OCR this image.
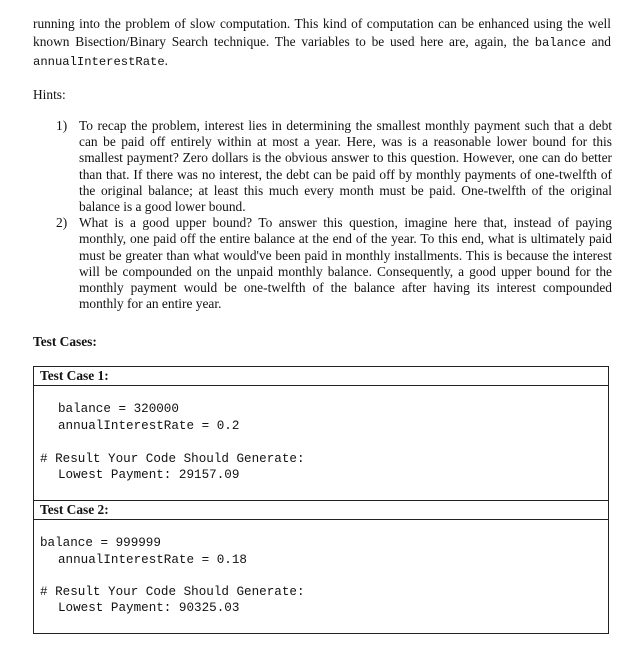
running into the problem of slow computation. This kind of computation can be enhanced using the well known Bisection/Binary Search technique. The variables to be used here are, again, the balance and annualInterestRate.

Hints:

1) To recap the problem, interest lies in determining the smallest monthly payment such that a debt can be paid off entirely within at most a year. Here, was is a reasonable lower bound for this smallest payment? Zero dollars is the obvious answer to this question. However, one can do better than that. If there was no interest, the debt can be paid off by monthly payments of one-twelfth of the original balance; at least this much every month must be paid. One-twelfth of the original balance is a good lower bound.
2) What is a good upper bound? To answer this question, imagine here that, instead of paying monthly, one paid off the entire balance at the end of the year. To this end, what is ultimately paid must be greater than what would've been paid in monthly installments. This is because the interest will be compounded on the unpaid monthly balance. Consequently, a good upper bound for the monthly payment would be one-twelfth of the balance after having its interest compounded monthly for an entire year.

Test Cases:

Test Case 1:
balance = 320000
annualInterestRate = 0.2
# Result Your Code Should Generate:
Lowest Payment: 29157.09
Test Case 2:
balance = 999999
annualInterestRate = 0.18
# Result Your Code Should Generate:
Lowest Payment: 90325.03
